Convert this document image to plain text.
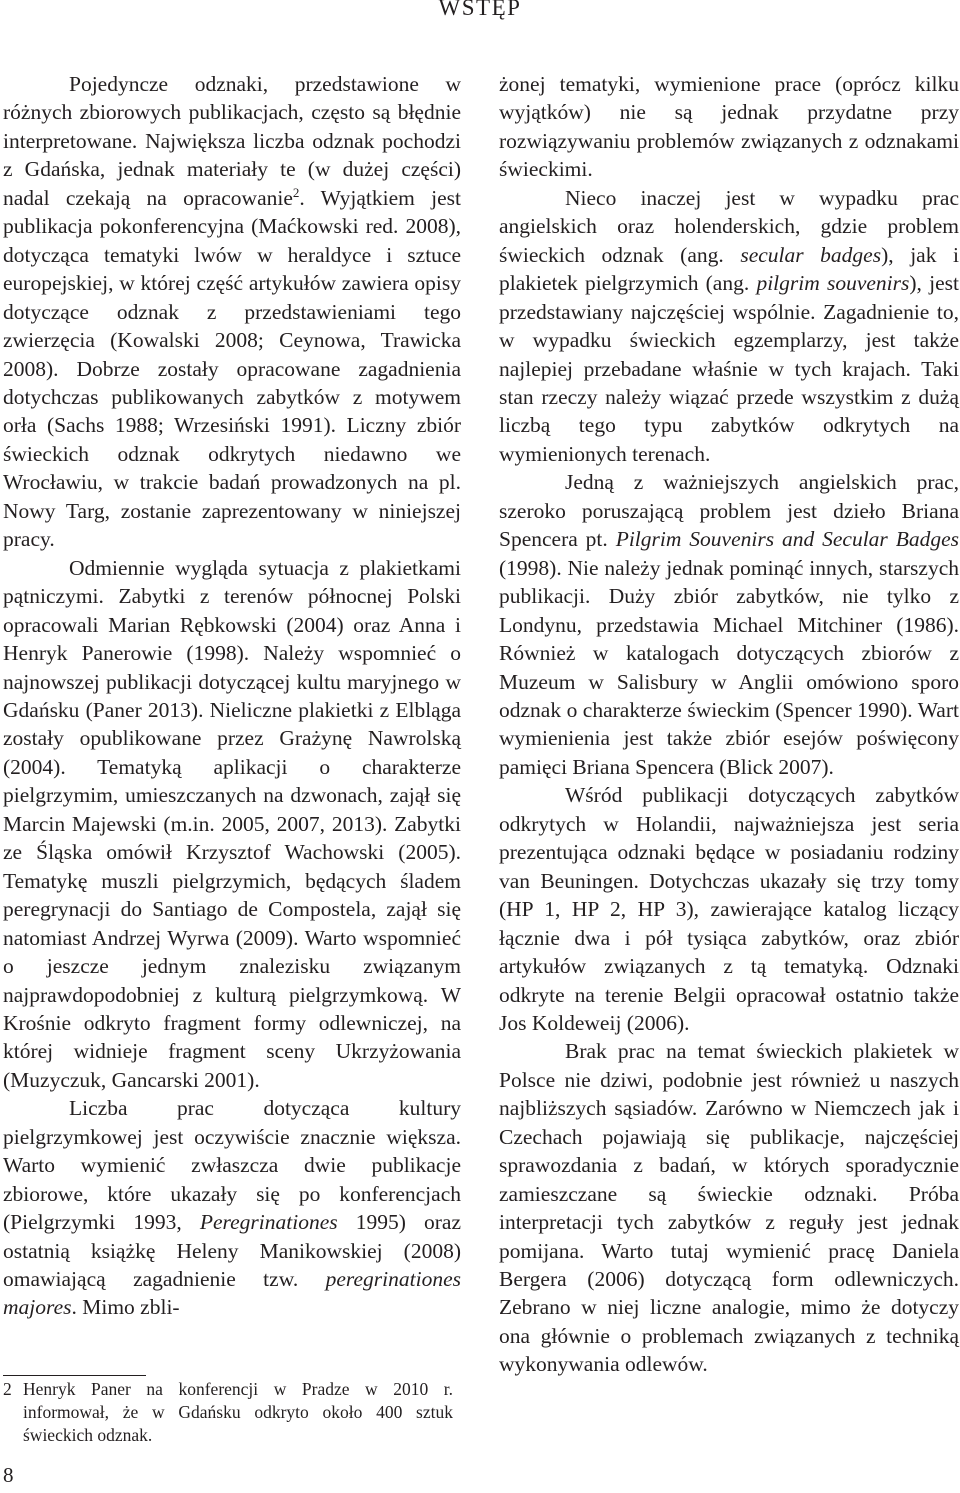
WSTĘP

Pojedyncze odznaki, przedstawione w różnych zbiorowych publikacjach, często są błędnie interpretowane. Największa liczba odznak pochodzi z Gdańska, jednak materiały te (w dużej części) nadal czekają na opracowanie$^2$. Wyjątkiem jest publikacja pokonferencyjna (Maćkowski red. 2008), dotycząca tematyki lwów w heraldyce i sztuce europejskiej, w której część artykułów zawiera opisy dotyczące odznak z przedstawieniami tego zwierzęcia (Kowalski 2008; Ceynowa, Trawicka 2008). Dobrze zostały opracowane zagadnienia dotychczas publikowanych zabytków z motywem orła (Sachs 1988; Wrzesiński 1991). Liczny zbiór świeckich odznak odkrytych niedawno we Wrocławiu, w trakcie badań prowadzonych na pl. Nowy Targ, zostanie zaprezentowany w niniejszej pracy.

Odmiennie wygląda sytuacja z plakietkami pątniczymi. Zabytki z terenów północnej Polski opracowali Marian Rębkowski (2004) oraz Anna i Henryk Panerowie (1998). Należy wspomnieć o najnowszej publikacji dotyczącej kultu maryjnego w Gdańsku (Paner 2013). Nieliczne plakietki z Elbląga zostały opublikowane przez Grażynę Nawrolską (2004). Tematyką aplikacji o charakterze pielgrzymim, umieszczanych na dzwonach, zajął się Marcin Majewski (m.in. 2005, 2007, 2013). Zabytki ze Śląska omówił Krzysztof Wachowski (2005). Tematykę muszli pielgrzymich, będących śladem peregrynacji do Santiago de Compostela, zajął się natomiast Andrzej Wyrwa (2009). Warto wspomnieć o jeszcze jednym znalezisku związanym najprawdopodobniej z kulturą pielgrzymkową. W Krośnie odkryto fragment formy odlewniczej, na której widnieje fragment sceny Ukrzyżowania (Muzyczuk, Gancarski 2001).

Liczba prac dotycząca kultury pielgrzymkowej jest oczywiście znacznie większa. Warto wymienić zwłaszcza dwie publikacje zbiorowe, które ukazały się po konferencjach (Pielgrzymki 1993, Peregrinationes 1995) oraz ostatnią książkę Heleny Manikowskiej (2008) omawiającą zagadnienie tzw. peregrinationes majores. Mimo zbli-

żonej tematyki, wymienione prace (oprócz kilku wyjątków) nie są jednak przydatne przy rozwiązywaniu problemów związanych z odznakami świeckimi.

Nieco inaczej jest w wypadku prac angielskich oraz holenderskich, gdzie problem świeckich odznak (ang. secular badges), jak i plakietek pielgrzymich (ang. pilgrim souvenirs), jest przedstawiany najczęściej wspólnie. Zagadnienie to, w wypadku świeckich egzemplarzy, jest także najlepiej przebadane właśnie w tych krajach. Taki stan rzeczy należy wiązać przede wszystkim z dużą liczbą tego typu zabytków odkrytych na wymienionych terenach.

Jedną z ważniejszych angielskich prac, szeroko poruszającą problem jest dzieło Briana Spencera pt. Pilgrim Souvenirs and Secular Badges (1998). Nie należy jednak pominąć innych, starszych publikacji. Duży zbiór zabytków, nie tylko z Londynu, przedstawia Michael Mitchiner (1986). Również w katalogach dotyczących zbiorów z Muzeum w Salisbury w Anglii omówiono sporo odznak o charakterze świeckim (Spencer 1990). Wart wymienienia jest także zbiór esejów poświęcony pamięci Briana Spencera (Blick 2007).

Wśród publikacji dotyczących zabytków odkrytych w Holandii, najważniejsza jest seria prezentująca odznaki będące w posiadaniu rodziny van Beuningen. Dotychczas ukazały się trzy tomy (HP 1, HP 2, HP 3), zawierające katalog liczący łącznie dwa i pół tysiąca zabytków, oraz zbiór artykułów związanych z tą tematyką. Odznaki odkryte na terenie Belgii opracował ostatnio także Jos Koldeweij (2006).

Brak prac na temat świeckich plakietek w Polsce nie dziwi, podobnie jest również u naszych najbliższych sąsiadów. Zarówno w Niemczech jak i Czechach pojawiają się publikacje, najczęściej sprawozdania z badań, w których sporadycznie zamieszczane są świeckie odznaki. Próba interpretacji tych zabytków z reguły jest jednak pomijana. Warto tutaj wymienić pracę Daniela Bergera (2006) dotyczącą form odlewniczych. Zebrano w niej liczne analogie, mimo że dotyczy ona głównie o problemach związanych z techniką wykonywania odlewów.

2 Henryk Paner na konferencji w Pradze w 2010 r. informował, że w Gdańsku odkryto około 400 sztuk świeckich odznak.
8
